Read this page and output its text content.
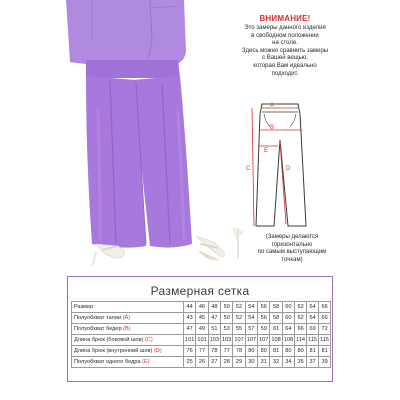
ВНИМАНИЕ!
Это замеры данного изделия
в свободном положении
на столе.
Здесь можно сравнить замеры
с Вашей вещью,
которая Вам идеально
подходит.
A
B
C	D
E
(Замеры делаются
горизонтально
по самым выступающим
точкам)
Размерная сетка
Размер	44	46	48	50	52	54	56	58	60	62	64	66
Полуобхват талии (A)	43	45	47	50	52	54	56	58	60	62	64	66
Полуобхват бедер (B)	47	49	51	53	55	57	59	61	64	66	69	72
Длина брюк (боковой шов) (C)	101	101	103	103	107	107	107	108	108	114	115	115
Длина брюк (внутренний шов) (D)	76	77	78	77	78	80	80	81	80	80	81	81
Полуобхват одного бедра (E)	25	26	27	28	29	30	31	32	34	35	37	39
